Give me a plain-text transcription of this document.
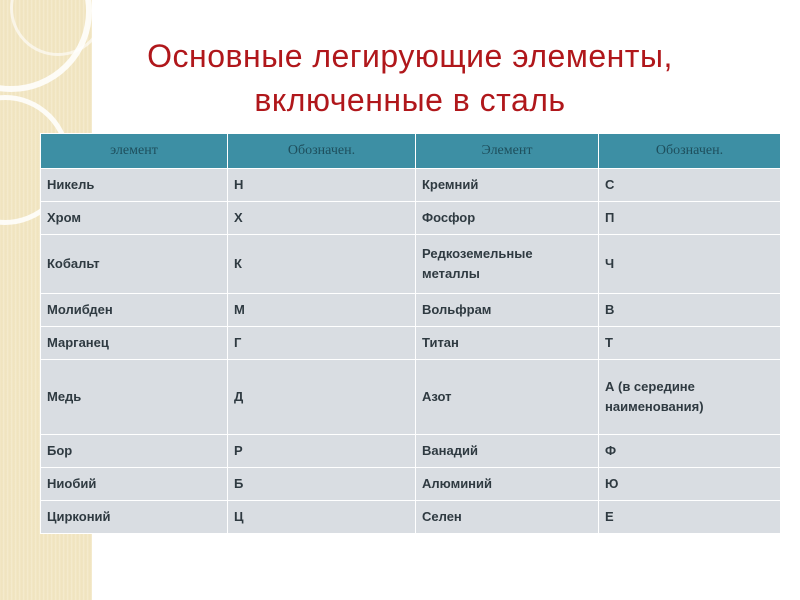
Основные легирующие элементы,
включенные в сталь
элемент	Обозначен.	Элемент	Обозначен.
Никель	Н	Кремний	С
Хром	Х	Фосфор	П
Кобальт	К	Редкоземельные металлы	Ч
Молибден	М	Вольфрам	В
Марганец	Г	Титан	Т
Медь	Д	Азот	А (в середине наименования)
Бор	Р	Ванадий	Ф
Ниобий	Б	Алюминий	Ю
Цирконий	Ц	Селен	Е
